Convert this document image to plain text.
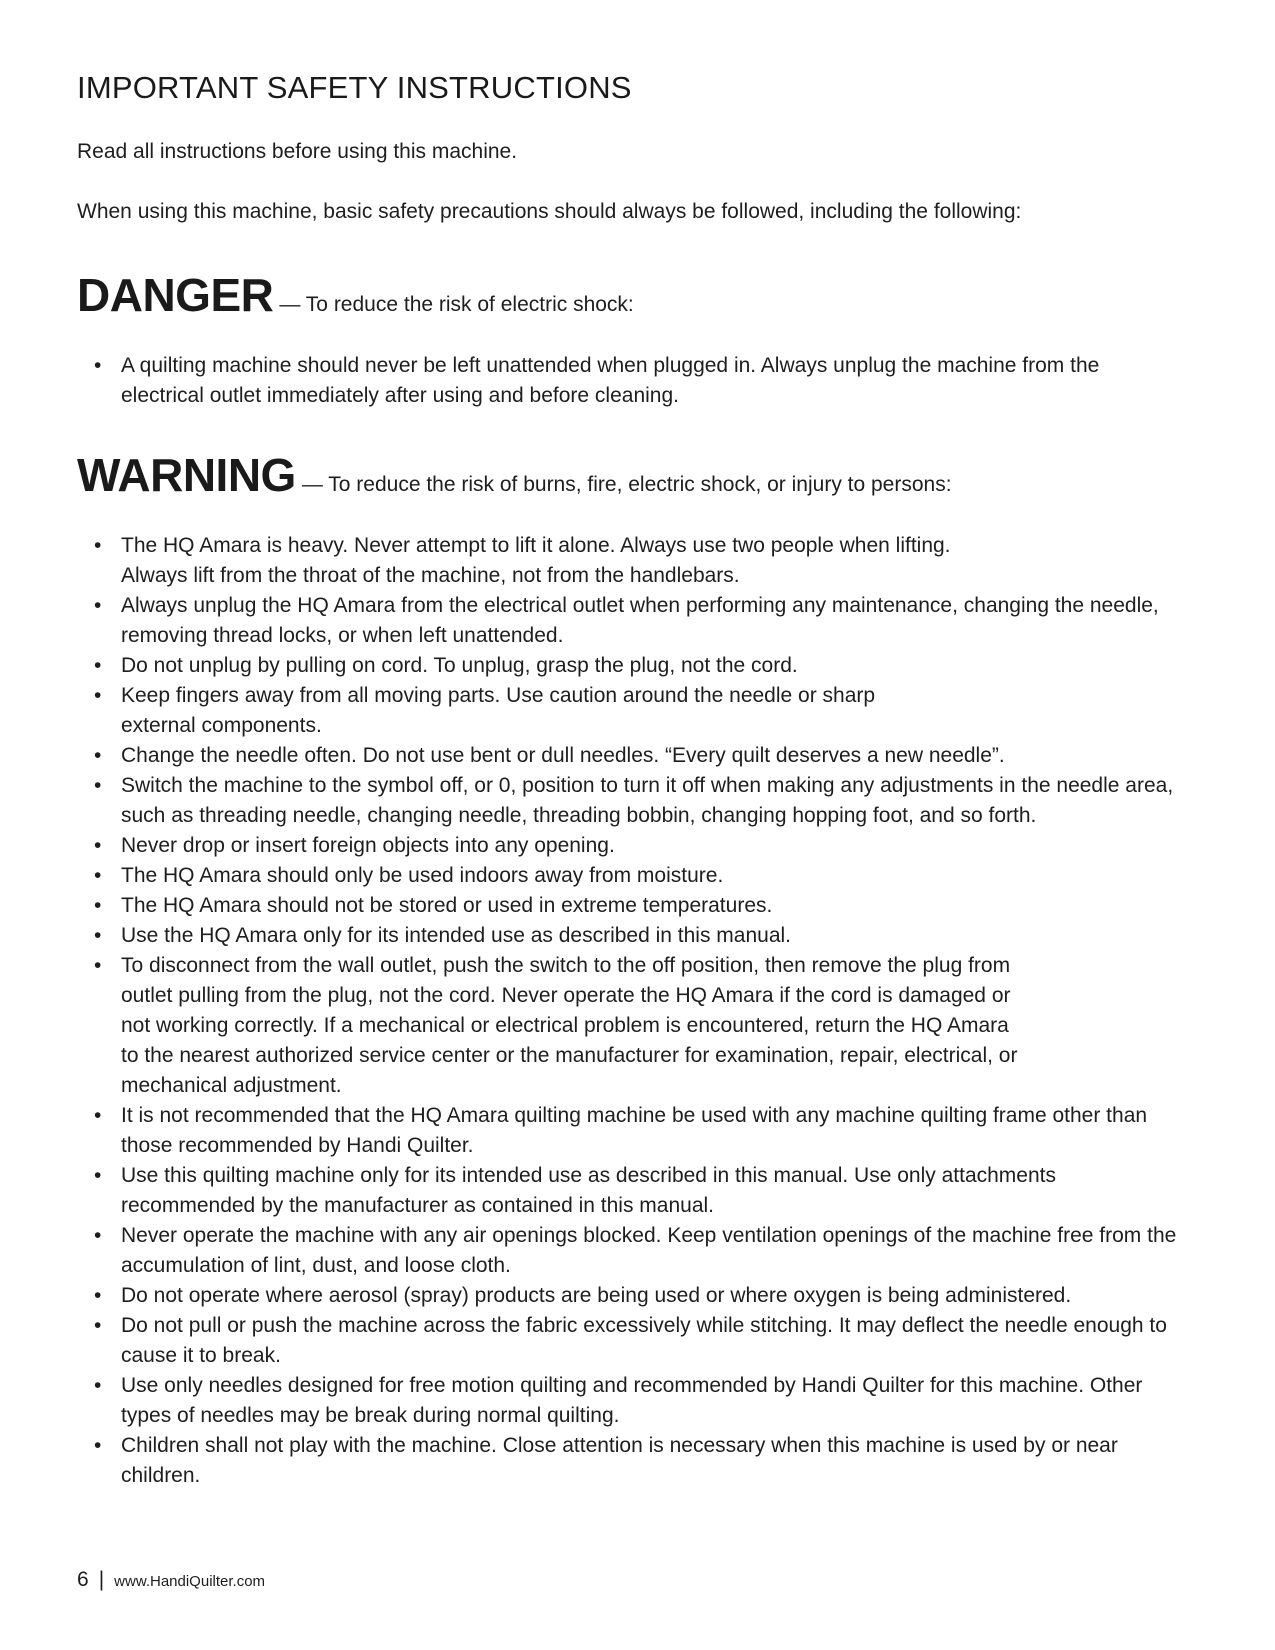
IMPORTANT SAFETY INSTRUCTIONS

Read all instructions before using this machine.

When using this machine, basic safety precautions should always be followed, including the following:

DANGER — To reduce the risk of electric shock:
• A quilting machine should never be left unattended when plugged in. Always unplug the machine from the electrical outlet immediately after using and before cleaning.
WARNING — To reduce the risk of burns, fire, electric shock, or injury to persons:
• The HQ Amara is heavy. Never attempt to lift it alone. Always use two people when lifting.
Always lift from the throat of the machine, not from the handlebars.
• Always unplug the HQ Amara from the electrical outlet when performing any maintenance, changing the needle, removing thread locks, or when left unattended.
• Do not unplug by pulling on cord. To unplug, grasp the plug, not the cord.
• Keep fingers away from all moving parts. Use caution around the needle or sharp
external components.
• Change the needle often. Do not use bent or dull needles. “Every quilt deserves a new needle”.
• Switch the machine to the symbol off, or 0, position to turn it off when making any adjustments in the needle area, such as threading needle, changing needle, threading bobbin, changing hopping foot, and so forth.
• Never drop or insert foreign objects into any opening.
• The HQ Amara should only be used indoors away from moisture.
• The HQ Amara should not be stored or used in extreme temperatures.
• Use the HQ Amara only for its intended use as described in this manual.
• To disconnect from the wall outlet, push the switch to the off position, then remove the plug from
outlet pulling from the plug, not the cord. Never operate the HQ Amara if the cord is damaged or
not working correctly. If a mechanical or electrical problem is encountered, return the HQ Amara
to the nearest authorized service center or the manufacturer for examination, repair, electrical, or
mechanical adjustment.
• It is not recommended that the HQ Amara quilting machine be used with any machine quilting frame other than those recommended by Handi Quilter.
• Use this quilting machine only for its intended use as described in this manual. Use only attachments recommended by the manufacturer as contained in this manual.
• Never operate the machine with any air openings blocked. Keep ventilation openings of the machine free from the accumulation of lint, dust, and loose cloth.
• Do not operate where aerosol (spray) products are being used or where oxygen is being administered.
• Do not pull or push the machine across the fabric excessively while stitching. It may deflect the needle enough to cause it to break.
• Use only needles designed for free motion quilting and recommended by Handi Quilter for this machine. Other types of needles may be break during normal quilting.
• Children shall not play with the machine. Close attention is necessary when this machine is used by or near children.
6 | www.HandiQuilter.com
